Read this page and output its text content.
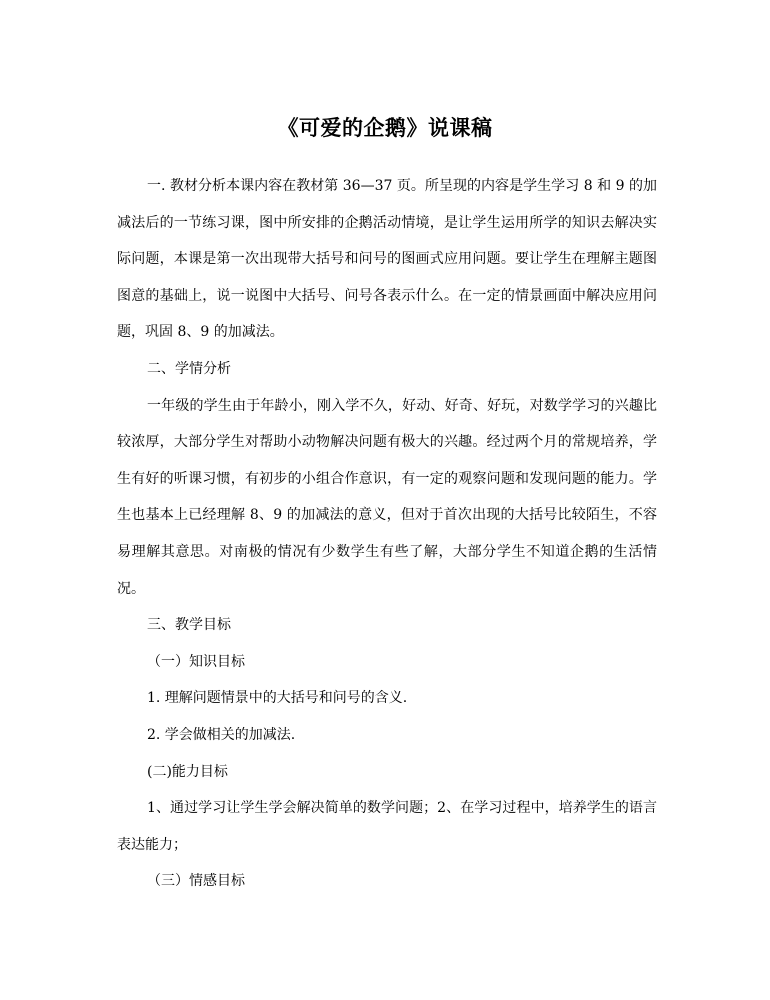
《可爱的企鹅》说课稿

一. 教材分析本课内容在教材第 36—37 页。所呈现的内容是学生学习 8 和 9 的加减法后的一节练习课，图中所安排的企鹅活动情境，是让学生运用所学的知识去解决实际问题，本课是第一次出现带大括号和问号的图画式应用问题。要让学生在理解主题图图意的基础上，说一说图中大括号、问号各表示什么。在一定的情景画面中解决应用问题，巩固 8、9 的加减法。

二、学情分析

一年级的学生由于年龄小，刚入学不久，好动、好奇、好玩，对数学学习的兴趣比较浓厚，大部分学生对帮助小动物解决问题有极大的兴趣。经过两个月的常规培养，学生有好的听课习惯，有初步的小组合作意识，有一定的观察问题和发现问题的能力。学生也基本上已经理解 8、9 的加减法的意义，但对于首次出现的大括号比较陌生，不容易理解其意思。对南极的情况有少数学生有些了解，大部分学生不知道企鹅的生活情况。

三、教学目标

（一）知识目标

1. 理解问题情景中的大括号和问号的含义.

2. 学会做相关的加减法.

(二)能力目标

1、通过学习让学生学会解决简单的数学问题；2、在学习过程中，培养学生的语言表达能力；

（三）情感目标
